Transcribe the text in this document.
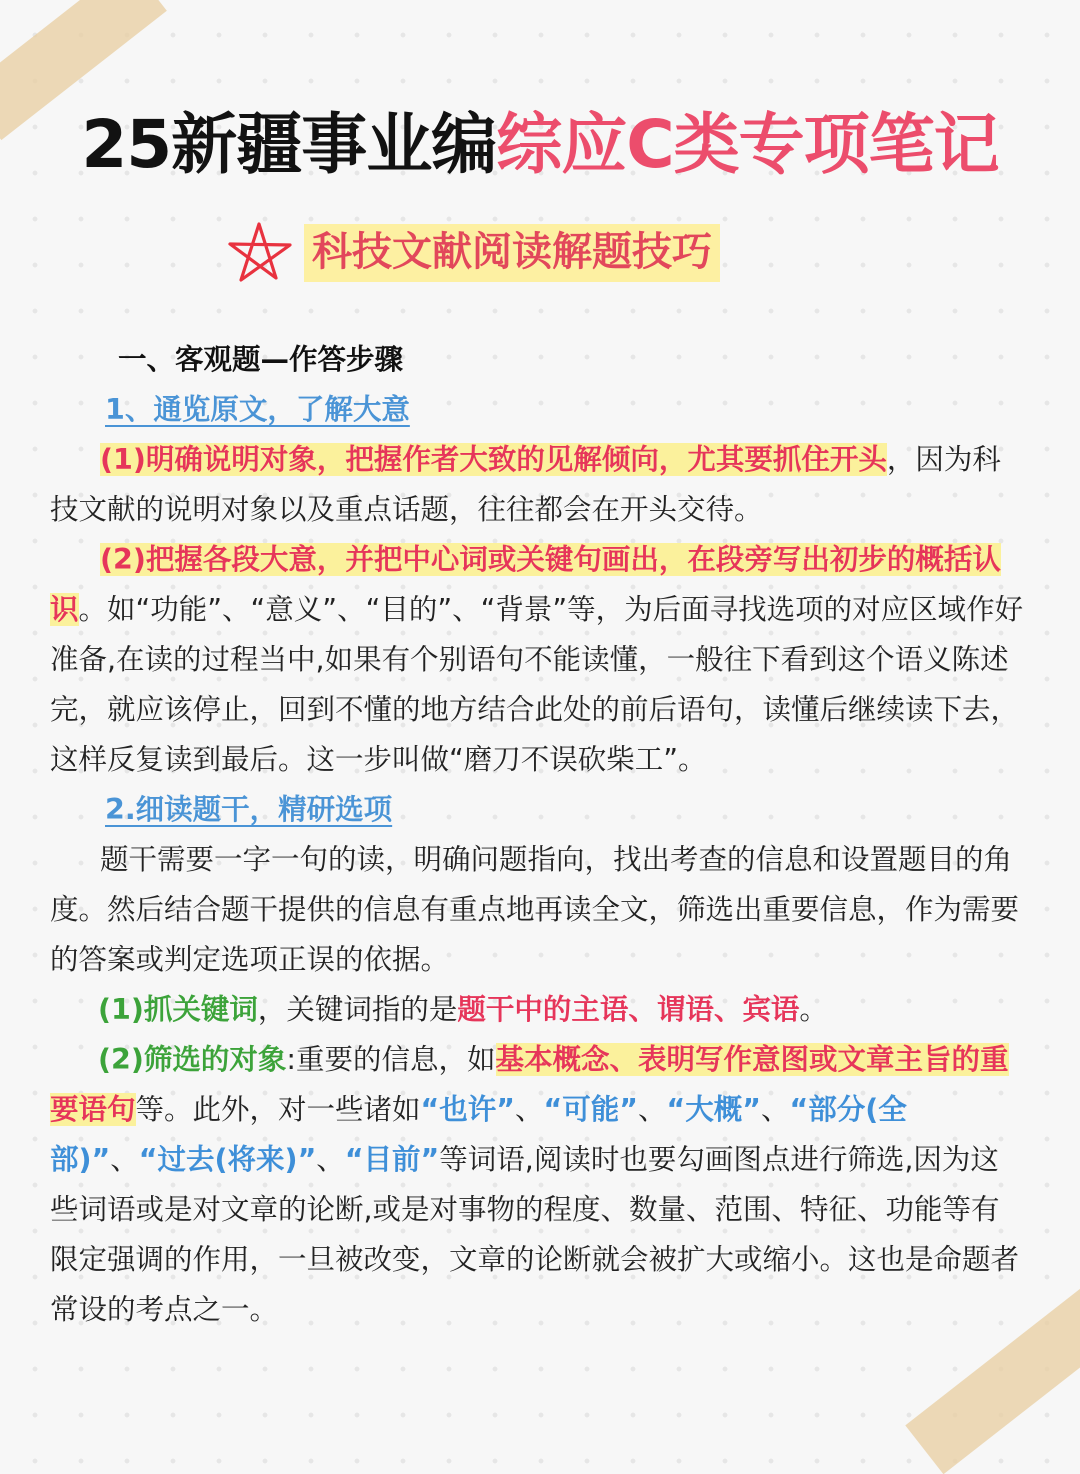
25新疆事业编综应C类专项笔记
科技文献阅读解题技巧

一、客观题—作答步骤

1、通览原文，了解大意

(1)明确说明对象，把握作者大致的见解倾向，尤其要抓住开头，因为科技文献的说明对象以及重点话题，往往都会在开头交待。

(2)把握各段大意，并把中心词或关键句画出，在段旁写出初步的概括认识。如“功能”、“意义”、“目的”、“背景”等，为后面寻找选项的对应区域作好准备,在读的过程当中,如果有个别语句不能读懂，一般往下看到这个语义陈述完，就应该停止，回到不懂的地方结合此处的前后语句，读懂后继续读下去，这样反复读到最后。这一步叫做“磨刀不误砍柴工”。

2.细读题干，精研选项

题干需要一字一句的读，明确问题指向，找出考查的信息和设置题目的角度。然后结合题干提供的信息有重点地再读全文，筛选出重要信息，作为需要的答案或判定选项正误的依据。

(1)抓关键词，关键词指的是题干中的主语、谓语、宾语。

(2)筛选的对象:重要的信息，如基本概念、表明写作意图或文章主旨的重要语句等。此外，对一些诸如“也许”、“可能”、“大概”、“部分(全部)”、“过去(将来)”、“目前”等词语,阅读时也要勾画图点进行筛选,因为这些词语或是对文章的论断,或是对事物的程度、数量、范围、特征、功能等有限定强调的作用，一旦被改变，文章的论断就会被扩大或缩小。这也是命题者常设的考点之一。
